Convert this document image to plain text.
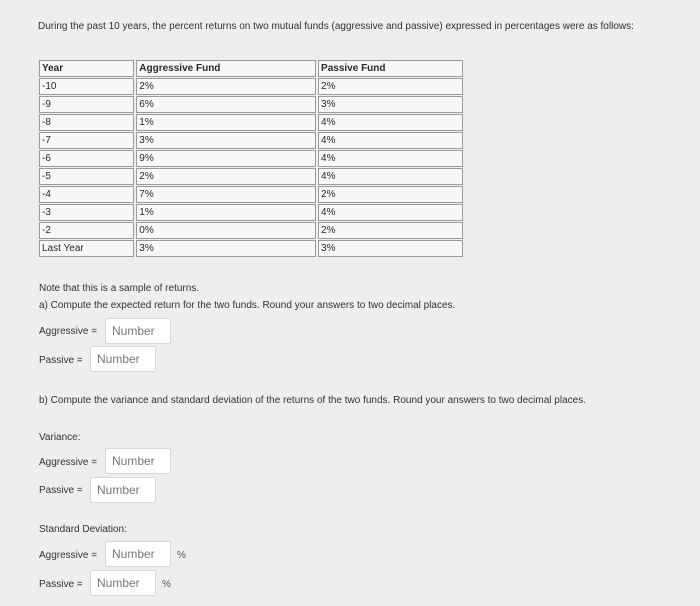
During the past 10 years, the percent returns on two mutual funds (aggressive and passive) expressed in percentages were as follows:
Year	Aggressive Fund	Passive Fund
-10	2%	2%
-9	6%	3%
-8	1%	4%
-7	3%	4%
-6	9%	4%
-5	2%	4%
-4	7%	2%
-3	1%	4%
-2	0%	2%
Last Year	3%	3%
Note that this is a sample of returns.
a) Compute the expected return for the two funds. Round your answers to two decimal places.
Aggressive =
Number
Passive =
Number
b) Compute the variance and standard deviation of the returns of the two funds. Round your answers to two decimal places.
Variance:
Aggressive =
Number
Passive =
Number
Standard Deviation:
Aggressive =
Number	%
Passive =
Number	%
